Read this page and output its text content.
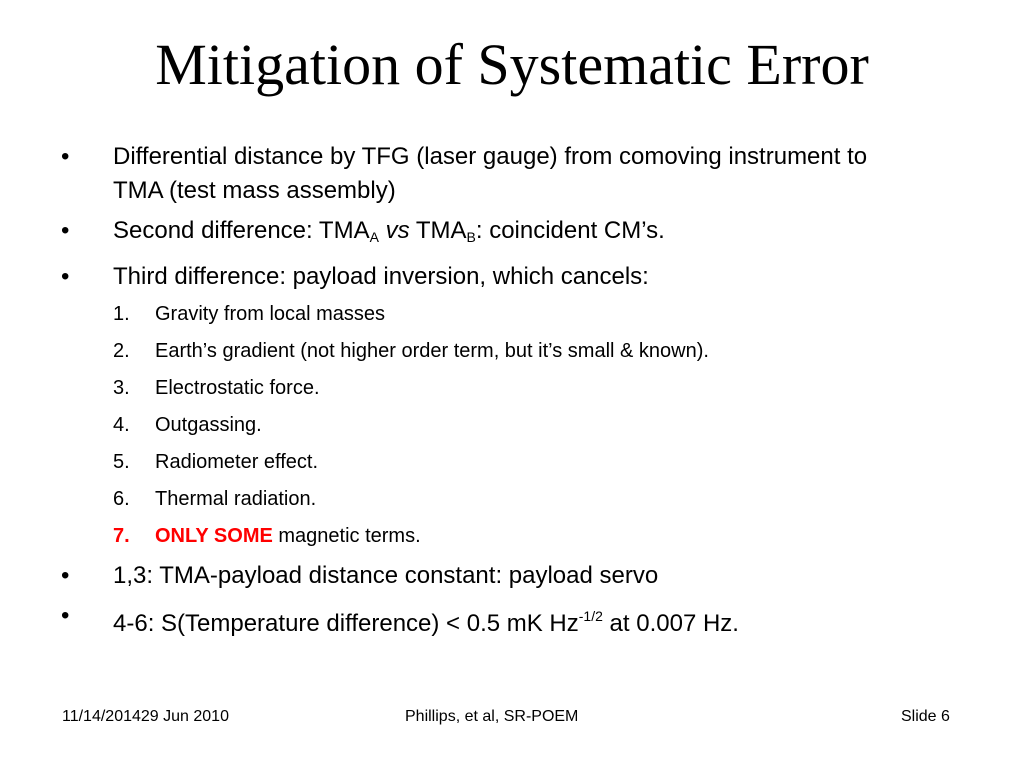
Mitigation of Systematic Error
• Differential distance by TFG (laser gauge) from comoving instrument to TMA (test mass assembly)
• Second difference: $TMA_A$ vs $TMA_B$: coincident CM’s.
• Third difference: payload inversion, which cancels:
1. Gravity from local masses
2. Earth’s gradient (not higher order term, but it’s small & known).
3. Electrostatic force.
4. Outgassing.
5. Radiometer effect.
6. Thermal radiation.
7. ONLY SOME magnetic terms.
• 1,3: TMA-payload distance constant: payload servo
• 4-6: S(Temperature difference) < 0.5 mK $Hz^{-1/2}$ at 0.007 Hz.
11/14/201429 Jun 2010	Phillips, et al, SR-POEM	Slide 6
